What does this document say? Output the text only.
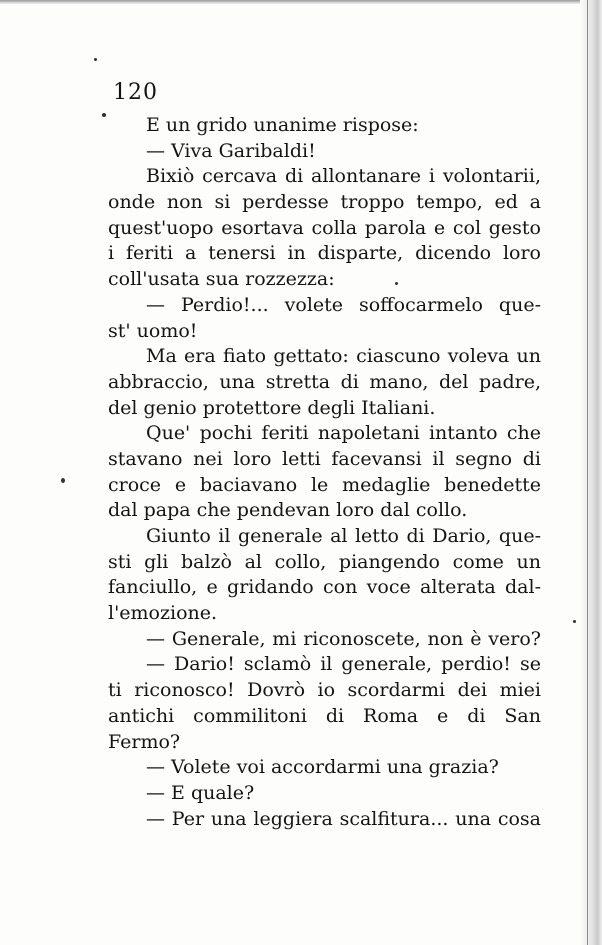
120
E un grido unanime rispose:
— Viva Garibaldi!
Bixiò cercava di allontanare i volontarii,
onde non si perdesse troppo tempo, ed a
quest'uopo esortava colla parola e col gesto
i feriti a tenersi in disparte, dicendo loro
coll'usata sua rozzezza:
— Perdio!... volete soffocarmelo que-
st' uomo!
Ma era fiato gettato: ciascuno voleva un
abbraccio, una stretta di mano, del padre,
del genio protettore degli Italiani.
Que' pochi feriti napoletani intanto che
stavano nei loro letti facevansi il segno di
croce e baciavano le medaglie benedette
dal papa che pendevan loro dal collo.
Giunto il generale al letto di Dario, que-
sti gli balzò al collo, piangendo come un
fanciullo, e gridando con voce alterata dal-
l'emozione.
— Generale, mi riconoscete, non è vero?
— Dario! sclamò il generale, perdio! se
ti riconosco! Dovrò io scordarmi dei miei
antichi commilitoni di Roma e di San
Fermo?
— Volete voi accordarmi una grazia?
— E quale?
— Per una leggiera scalfitura... una cosa
